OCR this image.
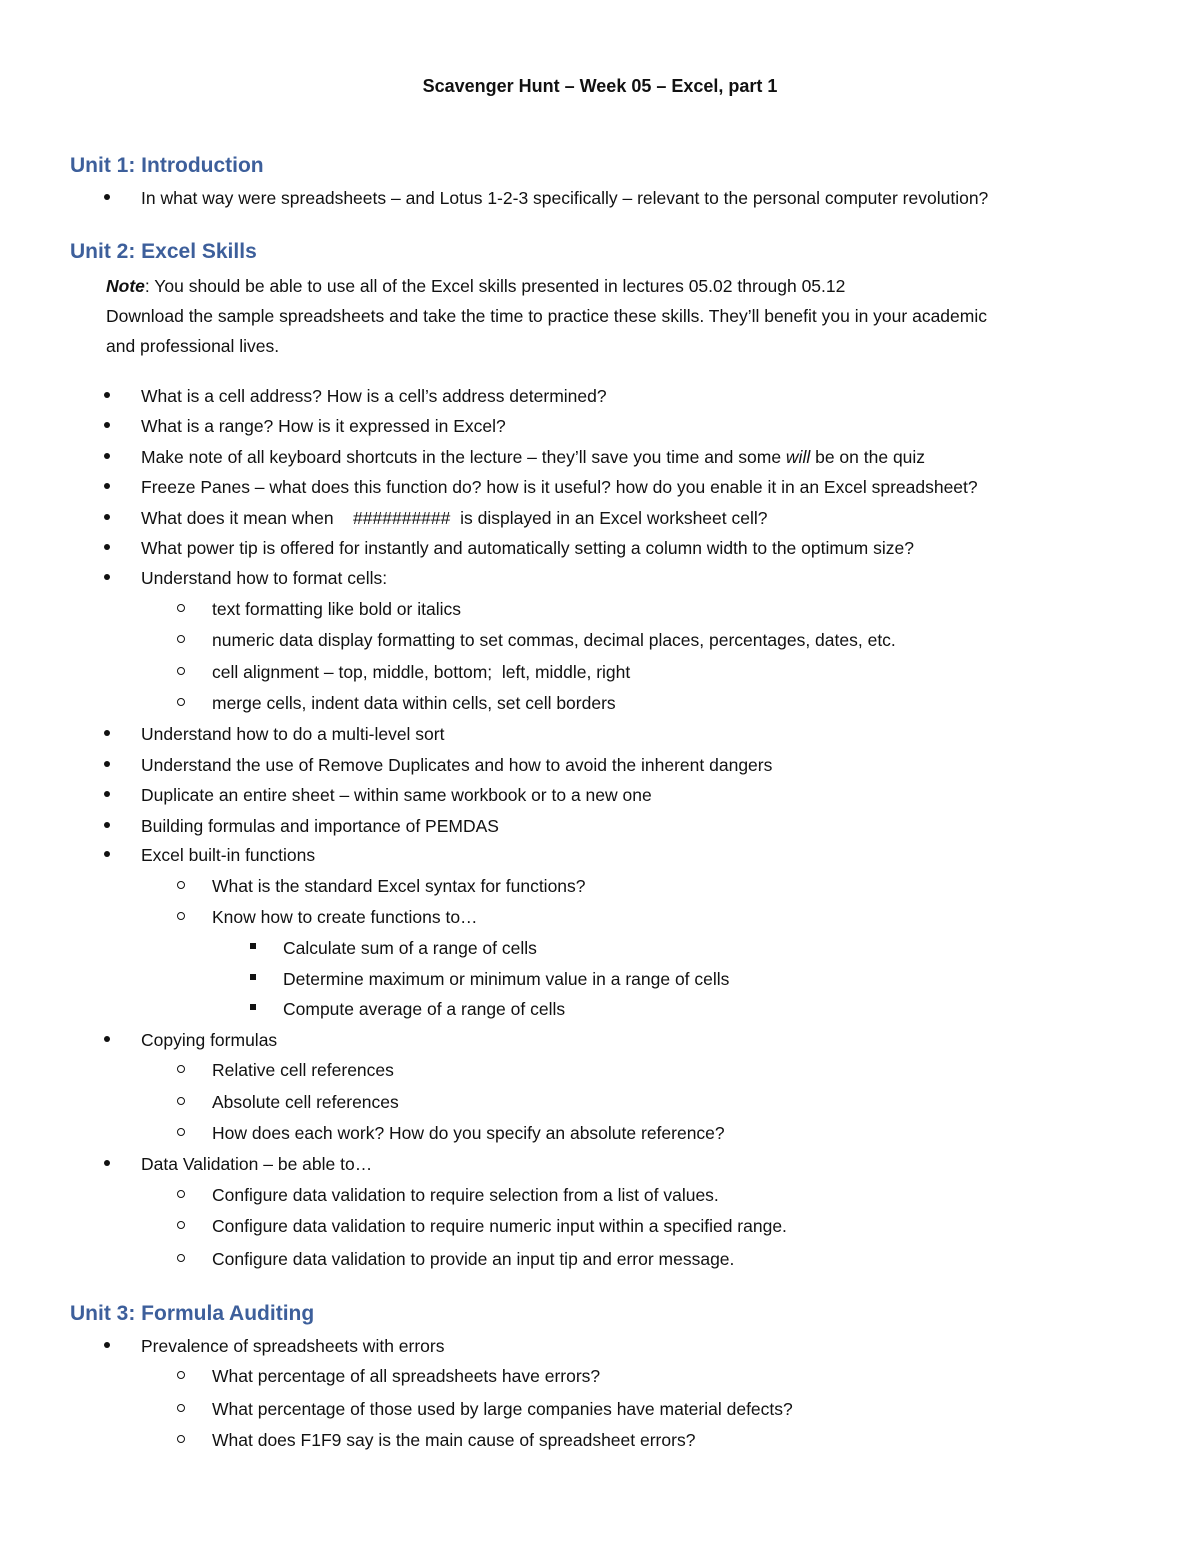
Scavenger Hunt – Week 05 – Excel, part 1
Unit 1: Introduction
In what way were spreadsheets – and Lotus 1-2-3 specifically – relevant to the personal computer revolution?
Unit 2: Excel Skills
Note: You should be able to use all of the Excel skills presented in lectures 05.02 through 05.12
Download the sample spreadsheets and take the time to practice these skills. They’ll benefit you in your academic
and professional lives.
What is a cell address? How is a cell’s address determined?
What is a range? How is it expressed in Excel?
Make note of all keyboard shortcuts in the lecture – they’ll save you time and some will be on the quiz
Freeze Panes – what does this function do? how is it useful? how do you enable it in an Excel spreadsheet?
What does it mean when    ##########  is displayed in an Excel worksheet cell?
What power tip is offered for instantly and automatically setting a column width to the optimum size?
Understand how to format cells:
text formatting like bold or italics
numeric data display formatting to set commas, decimal places, percentages, dates, etc.
cell alignment – top, middle, bottom;  left, middle, right
merge cells, indent data within cells, set cell borders
Understand how to do a multi-level sort
Understand the use of Remove Duplicates and how to avoid the inherent dangers
Duplicate an entire sheet – within same workbook or to a new one
Building formulas and importance of PEMDAS
Excel built-in functions
What is the standard Excel syntax for functions?
Know how to create functions to…
Calculate sum of a range of cells
Determine maximum or minimum value in a range of cells
Compute average of a range of cells
Copying formulas
Relative cell references
Absolute cell references
How does each work? How do you specify an absolute reference?
Data Validation – be able to…
Configure data validation to require selection from a list of values.
Configure data validation to require numeric input within a specified range.
Configure data validation to provide an input tip and error message.
Unit 3: Formula Auditing
Prevalence of spreadsheets with errors
What percentage of all spreadsheets have errors?
What percentage of those used by large companies have material defects?
What does F1F9 say is the main cause of spreadsheet errors?
